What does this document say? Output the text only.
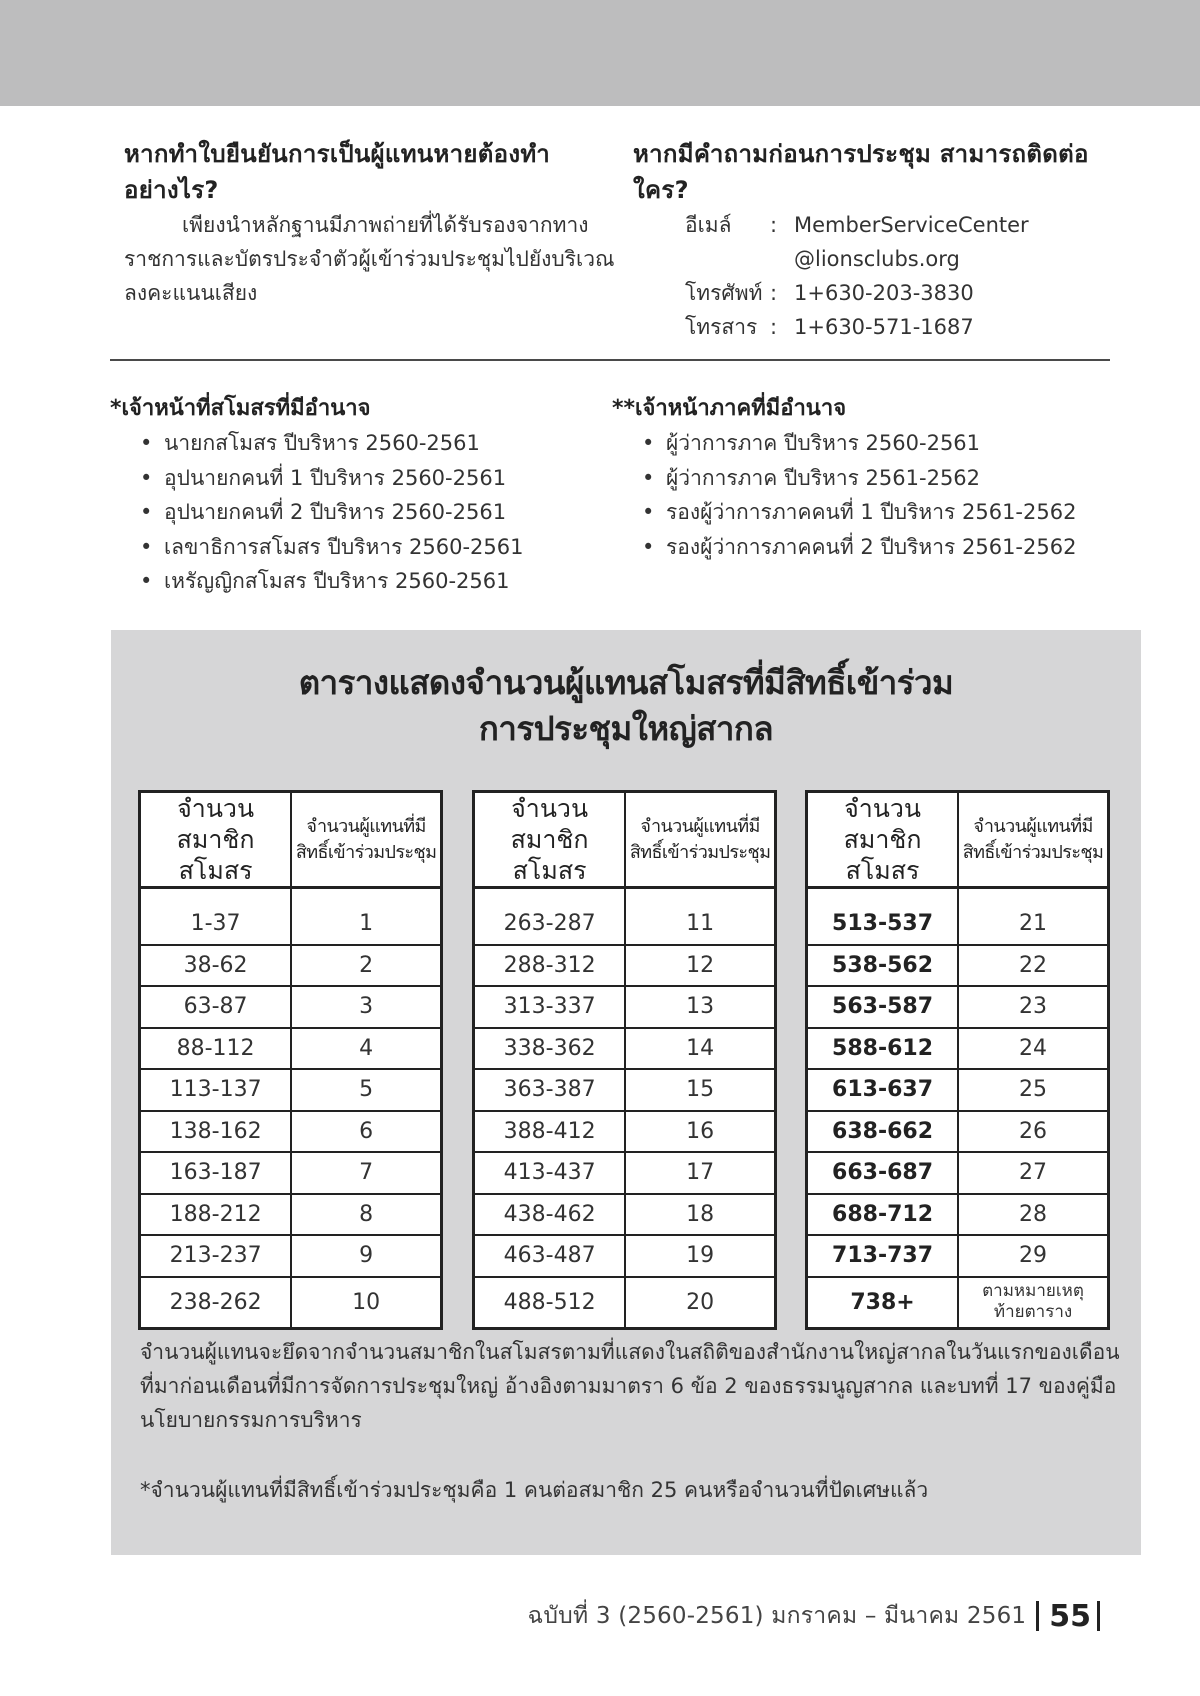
หากทำใบยืนยันการเป็นผู้แทนหายต้องทำ
อย่างไร?

เพียงนำหลักฐานมีภาพถ่ายที่ได้รับรองจากทาง

ราชการและบัตรประจำตัวผู้เข้าร่วมประชุมไปยังบริเวณ

ลงคะแนนเสียง

หากมีคำถามก่อนการประชุม สามารถติดต่อใคร?
อีเมล์	: MemberServiceCenter
@lionsclubs.org
โทรศัพท์ : 1+630-203-3830
โทรสาร : 1+630-571-1687
*เจ้าหน้าที่สโมสรที่มีอำนาจ
• นายกสโมสร ปีบริหาร 2560-2561
• อุปนายกคนที่ 1 ปีบริหาร 2560-2561
• อุปนายกคนที่ 2 ปีบริหาร 2560-2561
• เลขาธิการสโมสร ปีบริหาร 2560-2561
• เหรัญญิกสโมสร ปีบริหาร 2560-2561
**เจ้าหน้าภาคที่มีอำนาจ
• ผู้ว่าการภาค ปีบริหาร 2560-2561
• ผู้ว่าการภาค ปีบริหาร 2561-2562
• รองผู้ว่าการภาคคนที่ 1 ปีบริหาร 2561-2562
• รองผู้ว่าการภาคคนที่ 2 ปีบริหาร 2561-2562
ตารางแสดงจำนวนผู้แทนสโมสรที่มีสิทธิ์เข้าร่วม
การประชุมใหญ่สากล
จำนวนสมาชิก
สโมสร	จำนวนผู้แทนที่มี
สิทธิ์เข้าร่วมประชุม
1-37	1
38-62	2
63-87	3
88-112	4
113-137	5
138-162	6
163-187	7
188-212	8
213-237	9
238-262	10
จำนวนสมาชิก
สโมสร	จำนวนผู้แทนที่มี
สิทธิ์เข้าร่วมประชุม
263-287	11
288-312	12
313-337	13
338-362	14
363-387	15
388-412	16
413-437	17
438-462	18
463-487	19
488-512	20
จำนวนสมาชิก
สโมสร	จำนวนผู้แทนที่มี
สิทธิ์เข้าร่วมประชุม
513-537	21
538-562	22
563-587	23
588-612	24
613-637	25
638-662	26
663-687	27
688-712	28
713-737	29
738+	ตามหมายเหตุ
ท้ายตาราง
จำนวนผู้แทนจะยึดจากจำนวนสมาชิกในสโมสรตามที่แสดงในสถิติของสำนักงานใหญ่สากลในวันแรกของเดือน
ที่มาก่อนเดือนที่มีการจัดการประชุมใหญ่ อ้างอิงตามมาตรา 6 ข้อ 2 ของธรรมนูญสากล และบทที่ 17 ของคู่มือ
นโยบายกรรมการบริหาร
*จำนวนผู้แทนที่มีสิทธิ์เข้าร่วมประชุมคือ 1 คนต่อสมาชิก 25 คนหรือจำนวนที่ปัดเศษแล้ว
ฉบับที่ 3 (2560-2561) มกราคม – มีนาคม 2561 55
